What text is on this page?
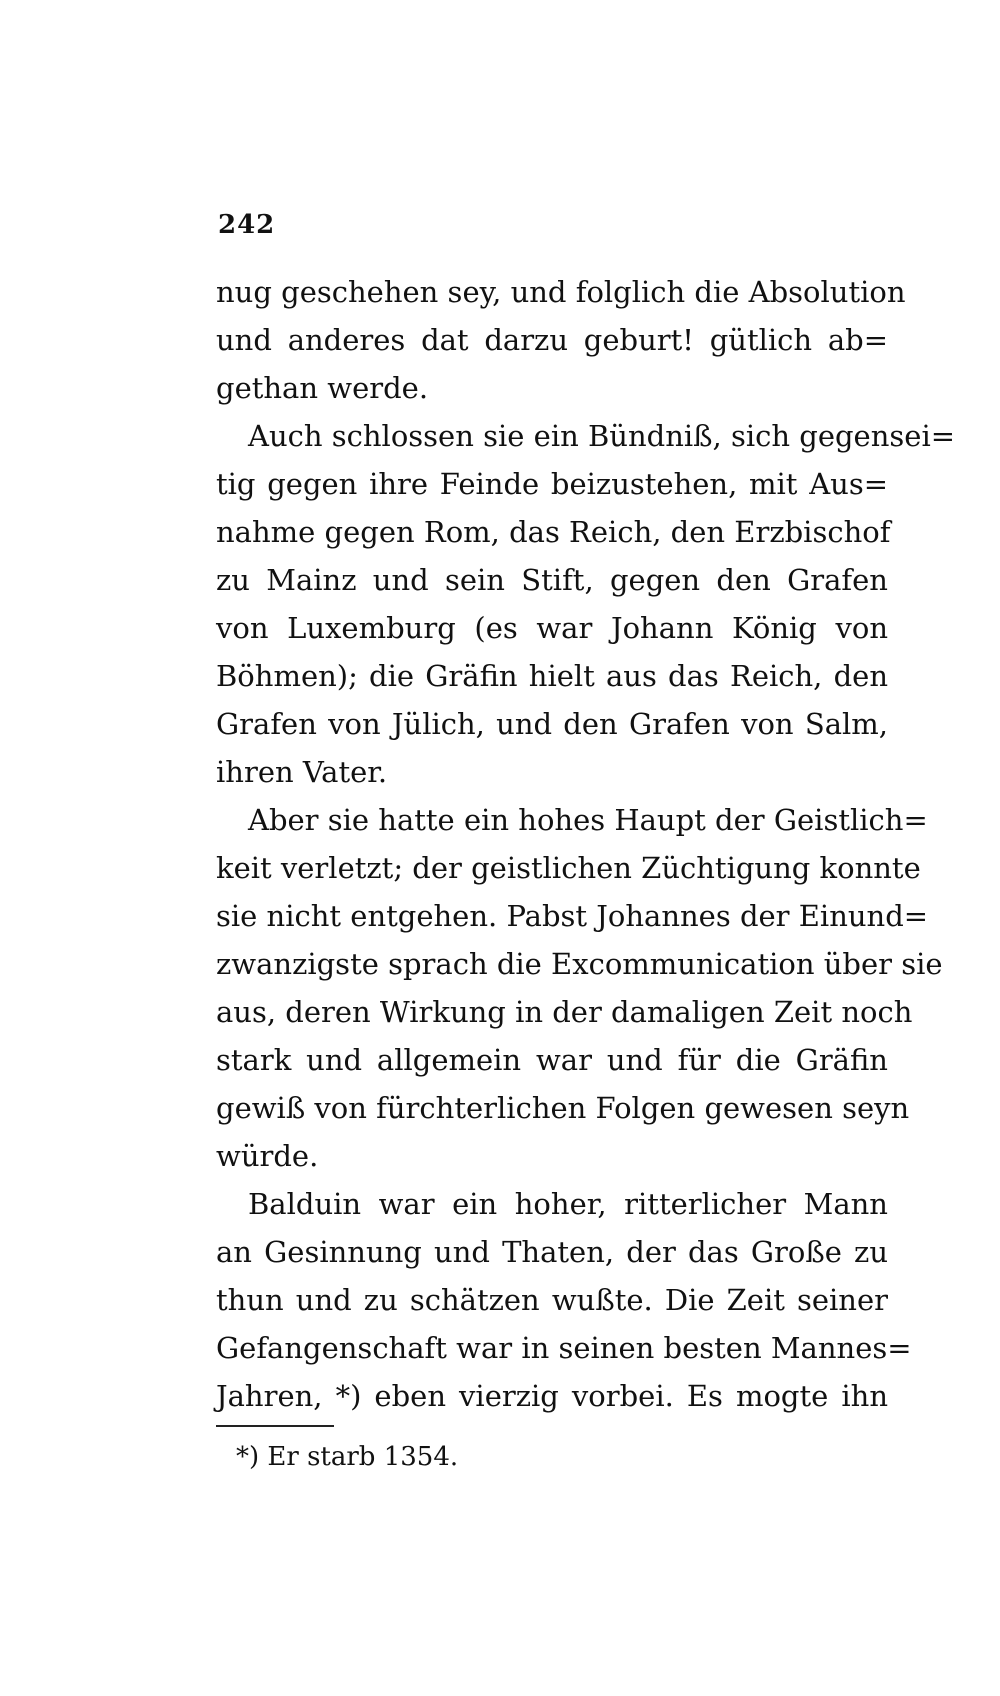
242
nug geschehen sey, und folglich die Absolution
und anderes dat darzu geburt! gütlich ab=
gethan werde.
Auch schlossen sie ein Bündniß, sich gegensei=
tig gegen ihre Feinde beizustehen, mit Aus=
nahme gegen Rom, das Reich, den Erzbischof
zu Mainz und sein Stift, gegen den Grafen
von Luxemburg (es war Johann König von
Böhmen); die Gräfin hielt aus das Reich, den
Grafen von Jülich, und den Grafen von Salm,
ihren Vater.
Aber sie hatte ein hohes Haupt der Geistlich=
keit verletzt; der geistlichen Züchtigung konnte
sie nicht entgehen. Pabst Johannes der Einund=
zwanzigste sprach die Excommunication über sie
aus, deren Wirkung in der damaligen Zeit noch
stark und allgemein war und für die Gräfin
gewiß von fürchterlichen Folgen gewesen seyn
würde.
Balduin war ein hoher, ritterlicher Mann
an Gesinnung und Thaten, der das Große zu
thun und zu schätzen wußte. Die Zeit seiner
Gefangenschaft war in seinen besten Mannes=
Jahren, *) eben vierzig vorbei. Es mogte ihn
*) Er starb 1354.
